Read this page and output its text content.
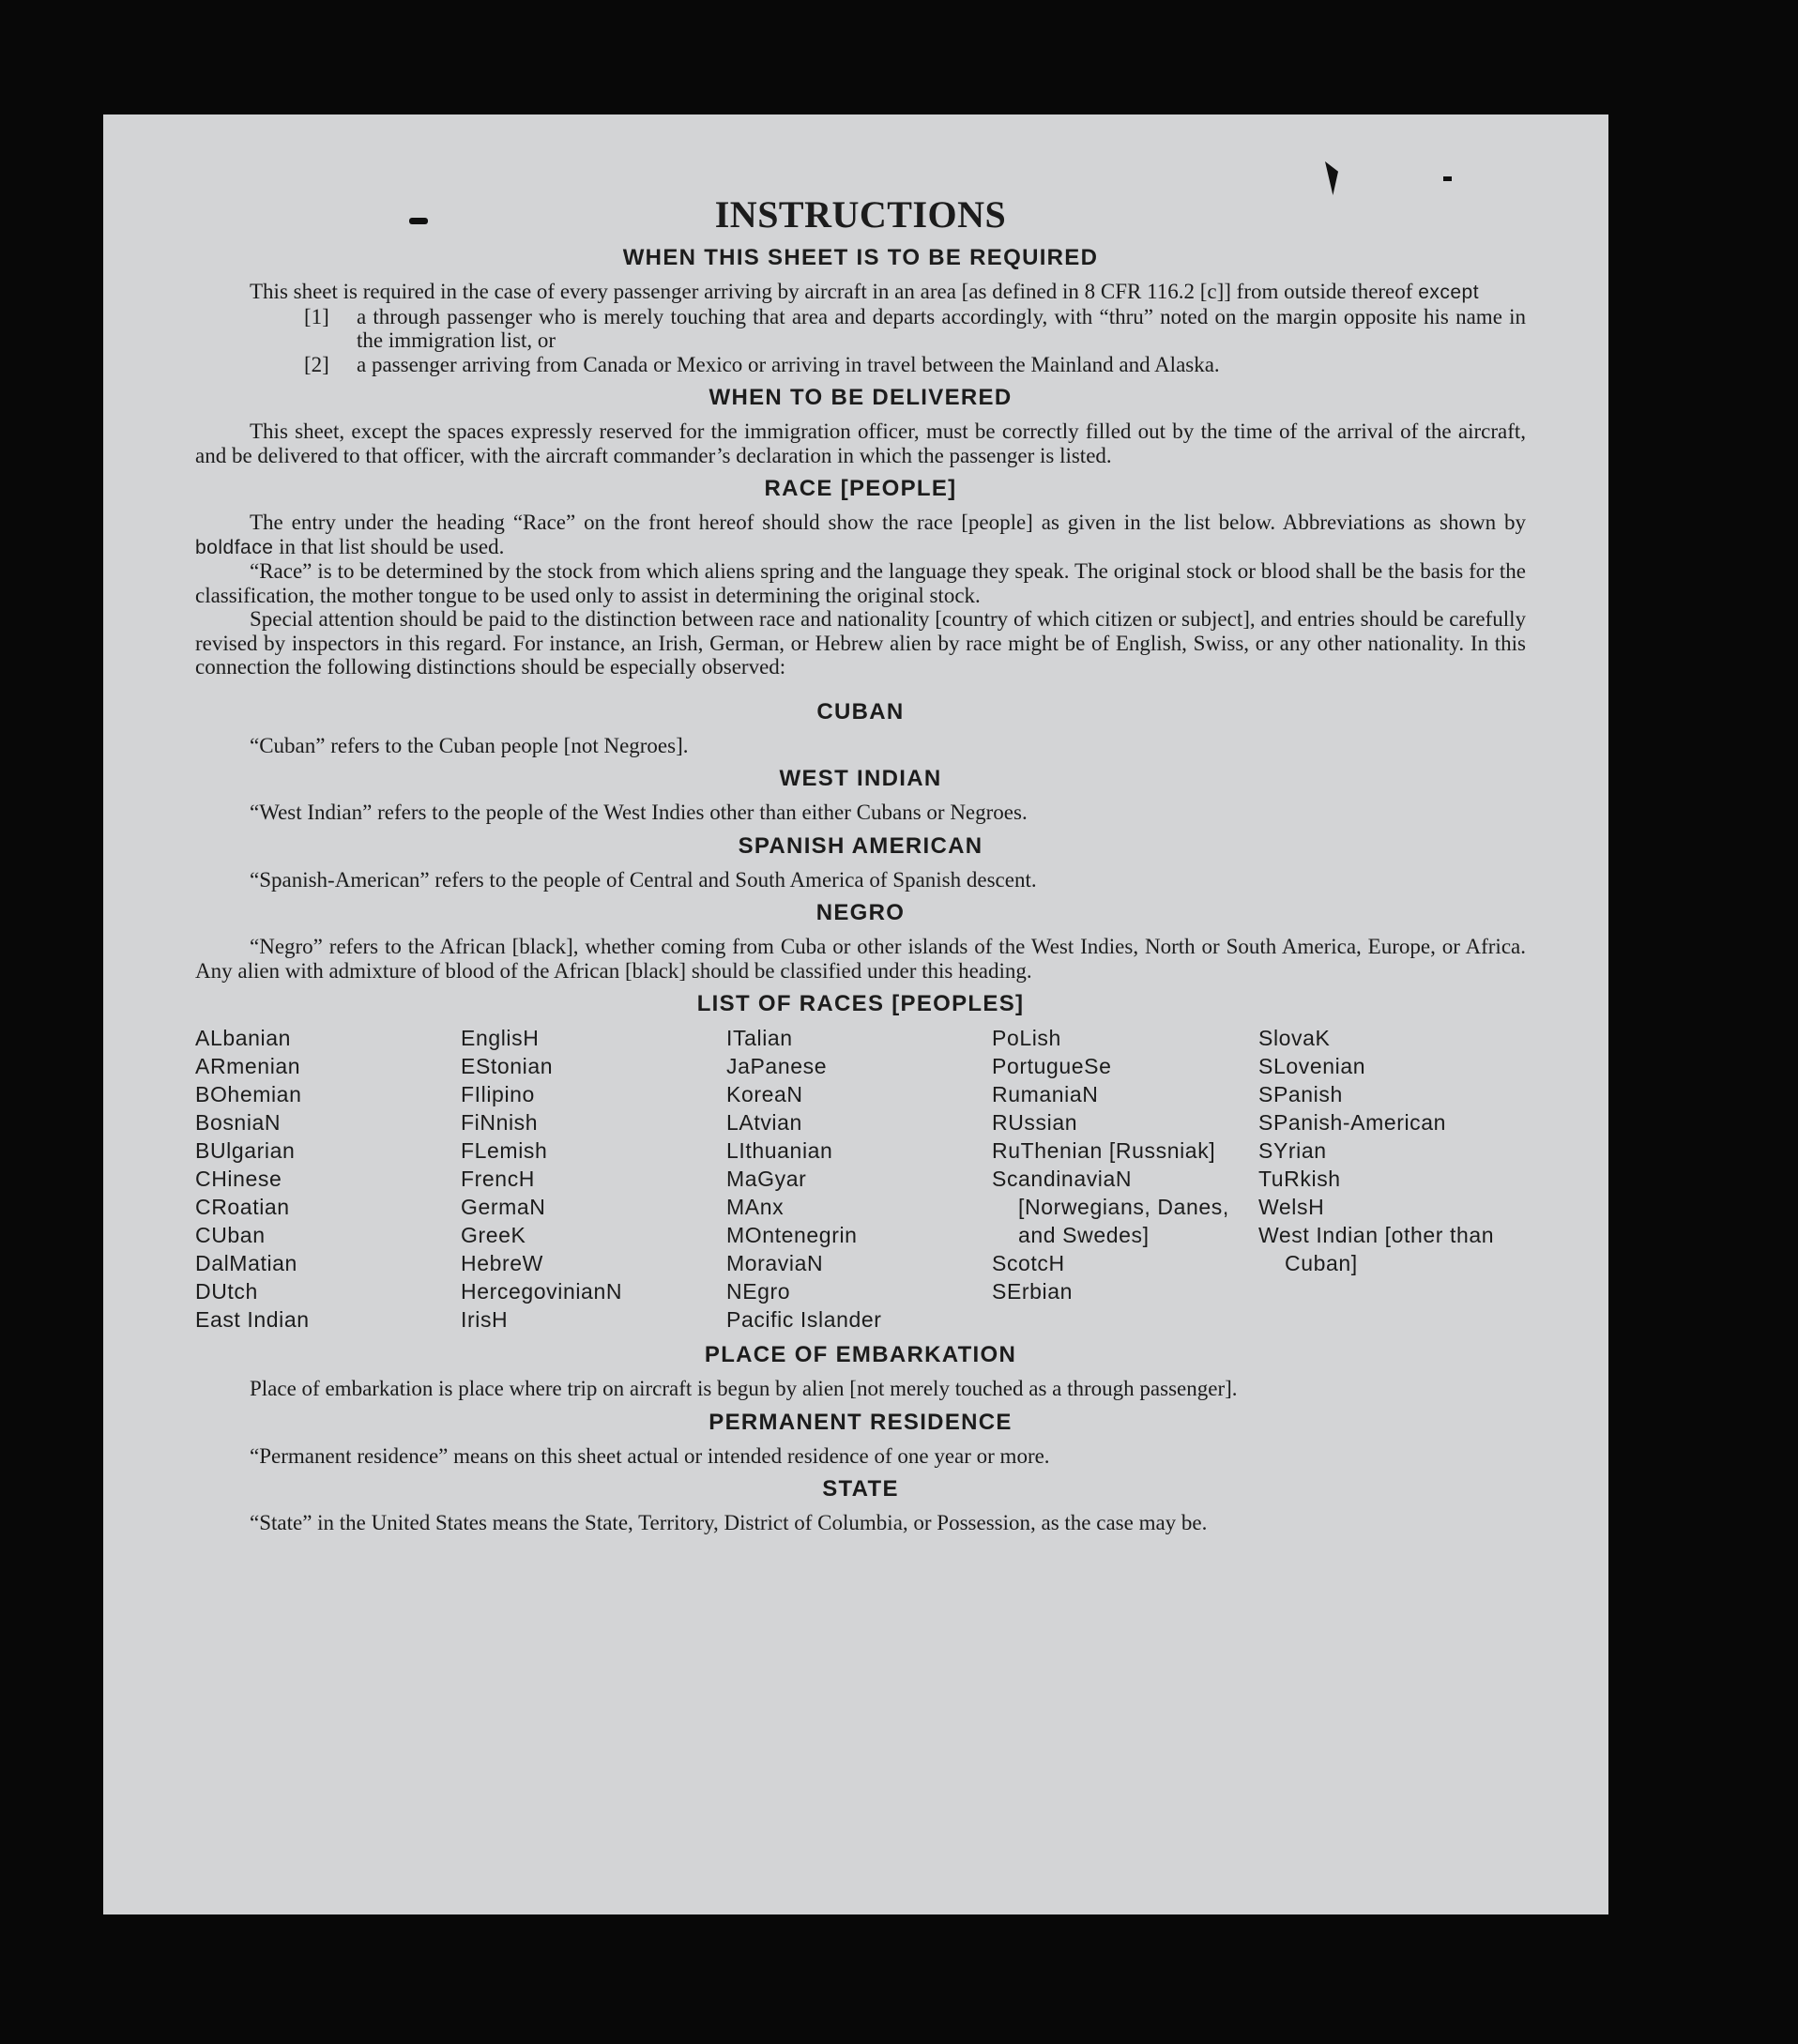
INSTRUCTIONS
WHEN THIS SHEET IS TO BE REQUIRED

This sheet is required in the case of every passenger arriving by aircraft in an area [as defined in 8 CFR 116.2 [c]] from outside thereof except

[1]	a through passenger who is merely touching that area and departs accordingly, with “thru” noted on the margin opposite his name in the immigration list, or
[2]	a passenger arriving from Canada or Mexico or arriving in travel between the Mainland and Alaska.
WHEN TO BE DELIVERED

This sheet, except the spaces expressly reserved for the immigration officer, must be correctly filled out by the time of the arrival of the aircraft, and be delivered to that officer, with the aircraft commander’s declaration in which the passenger is listed.

RACE [PEOPLE]

The entry under the heading “Race” on the front hereof should show the race [people] as given in the list below. Abbreviations as shown by boldface in that list should be used.

“Race” is to be determined by the stock from which aliens spring and the language they speak. The original stock or blood shall be the basis for the classification, the mother tongue to be used only to assist in determining the original stock.

Special attention should be paid to the distinction between race and nationality [country of which citizen or subject], and entries should be carefully revised by inspectors in this regard. For instance, an Irish, German, or Hebrew alien by race might be of English, Swiss, or any other nationality. In this connection the following distinctions should be especially observed:

CUBAN

“Cuban” refers to the Cuban people [not Negroes].

WEST INDIAN

“West Indian” refers to the people of the West Indies other than either Cubans or Negroes.

SPANISH AMERICAN

“Spanish-American” refers to the people of Central and South America of Spanish descent.

NEGRO

“Negro” refers to the African [black], whether coming from Cuba or other islands of the West Indies, North or South America, Europe, or Africa. Any alien with admixture of blood of the African [black] should be classified under this heading.

LIST OF RACES [PEOPLES]
ALbanian
ARmenian
BOhemian
BosniaN
BUlgarian
CHinese
CRoatian
CUban
DalMatian
DUtch
East Indian
EnglisH
EStonian
FIlipino
FiNnish
FLemish
FrencH
GermaN
GreeK
HebreW
HercegovinianN
IrisH
ITalian
JaPanese
KoreaN
LAtvian
LIthuanian
MaGyar
MAnx
MOntenegrin
MoraviaN
NEgro
Pacific Islander
PoLish
PortugueSe
RumaniaN
RUssian
RuThenian [Russniak]
ScandinaviaN [Norwegians, Danes, and Swedes]
ScotcH
SErbian
SlovaK
SLovenian
SPanish
SPanish-American
SYrian
TuRkish
WelsH
West Indian [other than Cuban]
PLACE OF EMBARKATION

Place of embarkation is place where trip on aircraft is begun by alien [not merely touched as a through passenger].

PERMANENT RESIDENCE

“Permanent residence” means on this sheet actual or intended residence of one year or more.

STATE

“State” in the United States means the State, Territory, District of Columbia, or Possession, as the case may be.
